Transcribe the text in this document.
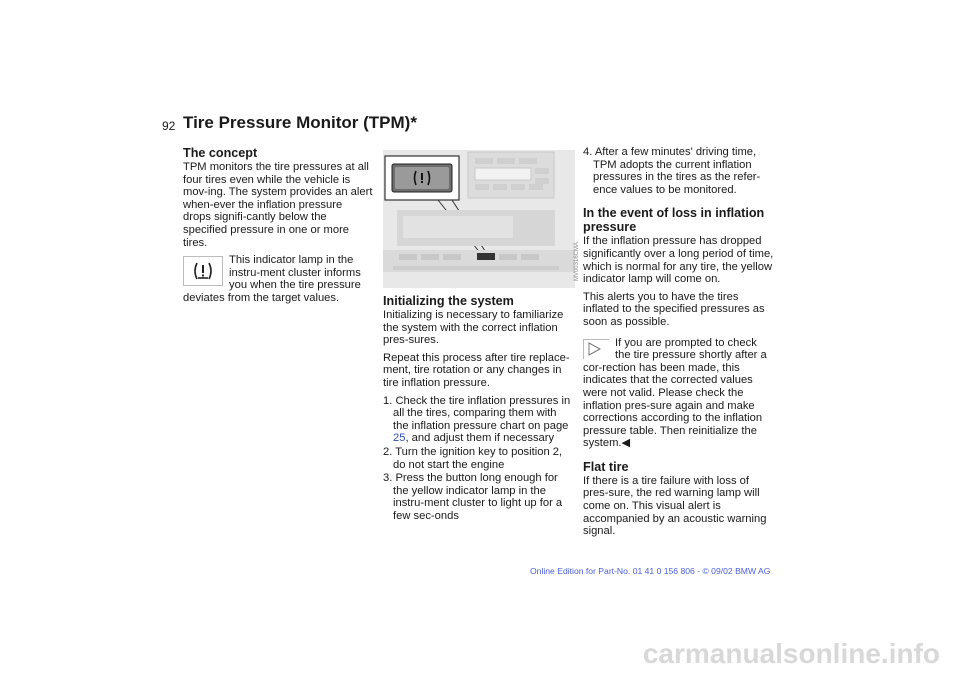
92 Tire Pressure Monitor (TPM)*
The concept

TPM monitors the tire pressures at all four tires even while the vehicle is mov-ing. The system provides an alert when-ever the inflation pressure drops signifi-cantly below the specified pressure in one or more tires.

This indicator lamp in the instru-ment cluster informs you when the tire pressure deviates from the target values.
MV00316CMA
Initializing the system

Initializing is necessary to familiarize the system with the correct inflation pres-sures.

Repeat this process after tire replace-ment, tire rotation or any changes in tire inflation pressure.

1. Check the tire inflation pressures in all the tires, comparing them with the inflation pressure chart on page 25, and adjust them if necessary
2. Turn the ignition key to position 2, do not start the engine
3. Press the button long enough for the yellow indicator lamp in the instru-ment cluster to light up for a few sec-onds
4. After a few minutes' driving time, TPM adopts the current inflation pressures in the tires as the refer-ence values to be monitored.
In the event of loss in inflation pressure

If the inflation pressure has dropped significantly over a long period of time, which is normal for any tire, the yellow indicator lamp will come on.

This alerts you to have the tires inflated to the specified pressures as soon as possible.

If you are prompted to check the tire pressure shortly after a cor-rection has been made, this indicates that the corrected values were not valid. Please check the inflation pres-sure again and make corrections according to the inflation pressure table. Then reinitialize the system.◀
Flat tire

If there is a tire failure with loss of pres-sure, the red warning lamp will come on. This visual alert is accompanied by an acoustic warning signal.

Online Edition for Part-No. 01 41 0 156 806 - © 09/02 BMW AG
carmanualsonline.info
